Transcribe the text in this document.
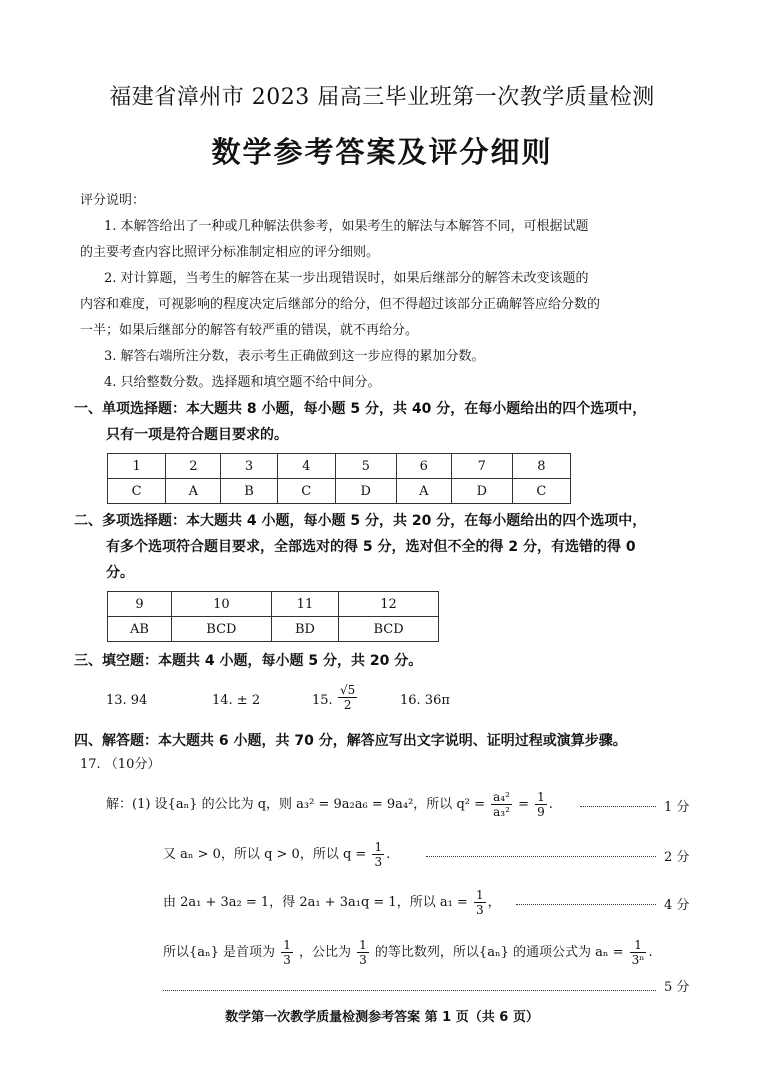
福建省漳州市 2023 届高三毕业班第一次教学质量检测
数学参考答案及评分细则
评分说明：
1. 本解答给出了一种或几种解法供参考，如果考生的解法与本解答不同，可根据试题
的主要考查内容比照评分标准制定相应的评分细则。
2. 对计算题，当考生的解答在某一步出现错误时，如果后继部分的解答未改变该题的
内容和难度，可视影响的程度决定后继部分的给分，但不得超过该部分正确解答应给分数的
一半；如果后继部分的解答有较严重的错误，就不再给分。
3. 解答右端所注分数，表示考生正确做到这一步应得的累加分数。
4. 只给整数分数。选择题和填空题不给中间分。
一、单项选择题：本大题共 8 小题，每小题 5 分，共 40 分，在每小题给出的四个选项中，
只有一项是符合题目要求的。
1	2	3	4	5	6	7	8
C	A	B	C	D	A	D	C
二、多项选择题：本大题共 4 小题，每小题 5 分，共 20 分，在每小题给出的四个选项中，
有多个选项符合题目要求，全部选对的得 5 分，选对但不全的得 2 分，有选错的得 0
分。
9	10	11	12
AB	BCD	BD	BCD
三、填空题：本题共 4 小题，每小题 5 分，共 20 分。
13. 94	14. ± 2	15. $\frac{√5}{2}$	16. 36π
四、解答题：本大题共 6 小题，共 70 分，解答应写出文字说明、证明过程或演算步骤。
17. （10分）
解：(1) 设{aₙ} 的公比为 q，则 a₃² = 9a₂a₆ = 9a₄²，所以 $q^2 = \frac{\text{a₄²}}{\text{a₃²}} = \frac{1}{9}$ .	1 分
又 aₙ > 0，所以 q > 0，所以 $q = \frac{1}{3}$ .	2 分
由 2a₁ + 3a₂ = 1，得 2a₁ + 3a₁q = 1，所以 $a_1 = \frac{1}{3}$ ，	4 分
所以{aₙ} 是首项为 $\frac{1}{3}$ ，公比为 $\frac{1}{3}$ 的等比数列，所以{aₙ} 的通项公式为 $a_n = \frac{1}{\text{3ⁿ}}$ .
5 分
数学第一次教学质量检测参考答案 第 1 页（共 6 页）
